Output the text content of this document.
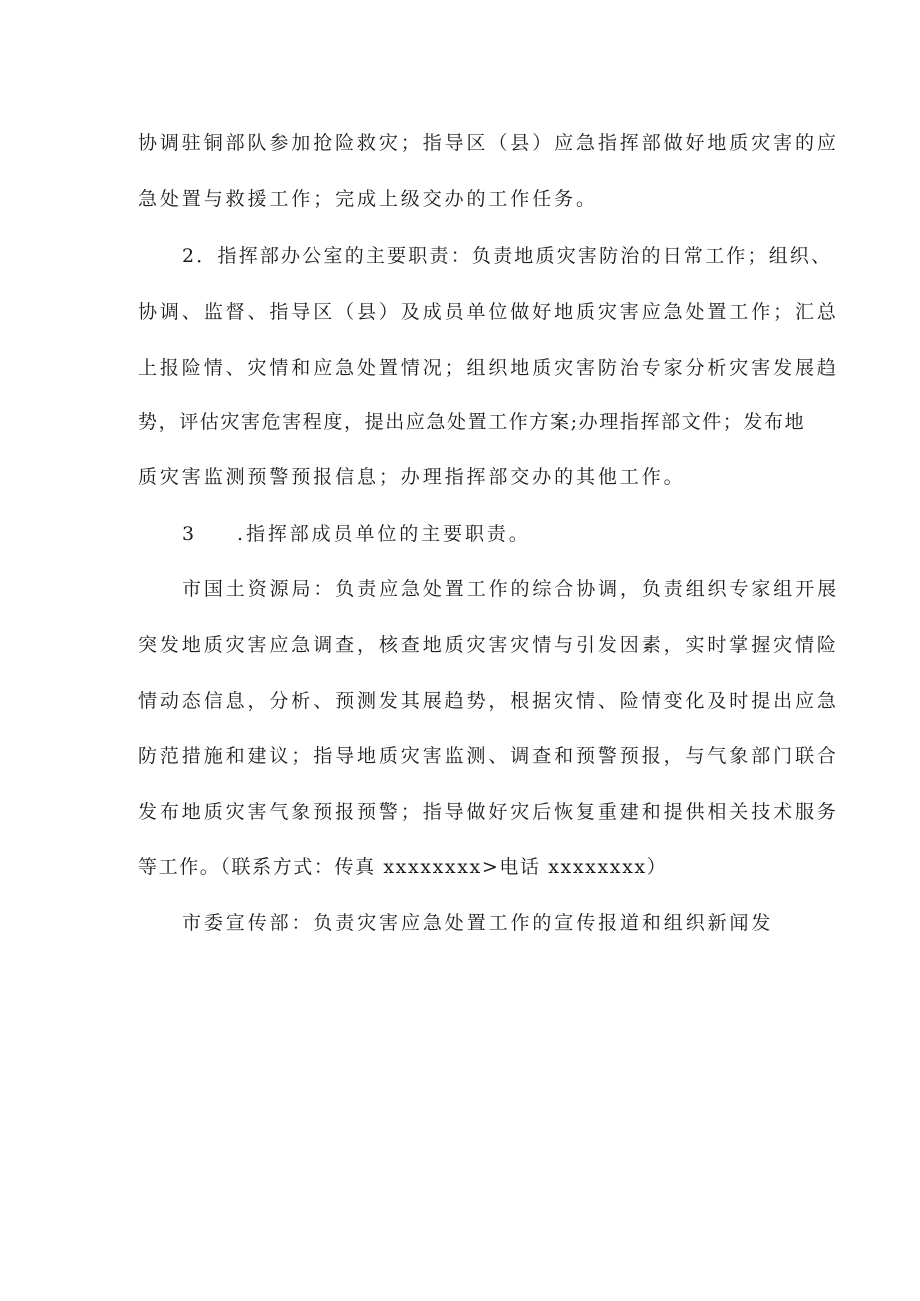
协调驻铜部队参加抢险救灾；指导区（县）应急指挥部做好地质灾害的应
急处置与救援工作；完成上级交办的工作任务。
2．指挥部办公室的主要职责：负责地质灾害防治的日常工作；组织、
协调、监督、指导区（县）及成员单位做好地质灾害应急处置工作；汇总
上报险情、灾情和应急处置情况；组织地质灾害防治专家分析灾害发展趋
势，评估灾害危害程度，提出应急处置工作方案;办理指挥部文件；发布地
质灾害监测预警预报信息；办理指挥部交办的其他工作。
3 .指挥部成员单位的主要职责。
市国土资源局：负责应急处置工作的综合协调，负责组织专家组开展
突发地质灾害应急调查，核查地质灾害灾情与引发因素，实时掌握灾情险
情动态信息，分析、预测发其展趋势，根据灾情、险情变化及时提出应急
防范措施和建议；指导地质灾害监测、调查和预警预报，与气象部门联合
发布地质灾害气象预报预警；指导做好灾后恢复重建和提供相关技术服务
等工作。（联系方式：传真 xxxxxxxx>电话 xxxxxxxx）
市委宣传部：负责灾害应急处置工作的宣传报道和组织新闻发
